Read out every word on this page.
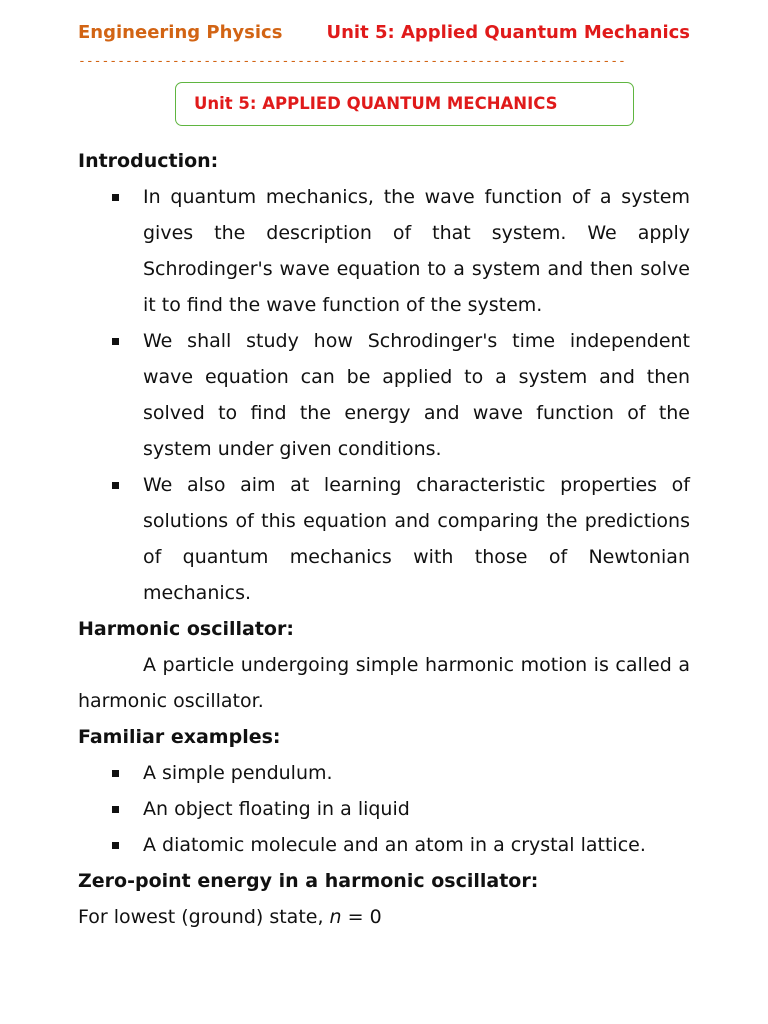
Engineering Physics Unit 5: Applied Quantum Mechanics
----------------------------------------------------------------------
Unit 5: APPLIED QUANTUM MECHANICS

Introduction:

In quantum mechanics, the wave function of a system gives the description of that system. We apply Schrodinger's wave equation to a system and then solve it to find the wave function of the system.
We shall study how Schrodinger's time independent wave equation can be applied to a system and then solved to find the energy and wave function of the system under given conditions.
We also aim at learning characteristic properties of solutions of this equation and comparing the predictions of quantum mechanics with those of Newtonian mechanics.

Harmonic oscillator:

A particle undergoing simple harmonic motion is called a harmonic oscillator.

Familiar examples:

A simple pendulum.
An object floating in a liquid
A diatomic molecule and an atom in a crystal lattice.

Zero-point energy in a harmonic oscillator:

For lowest (ground) state, n = 0
